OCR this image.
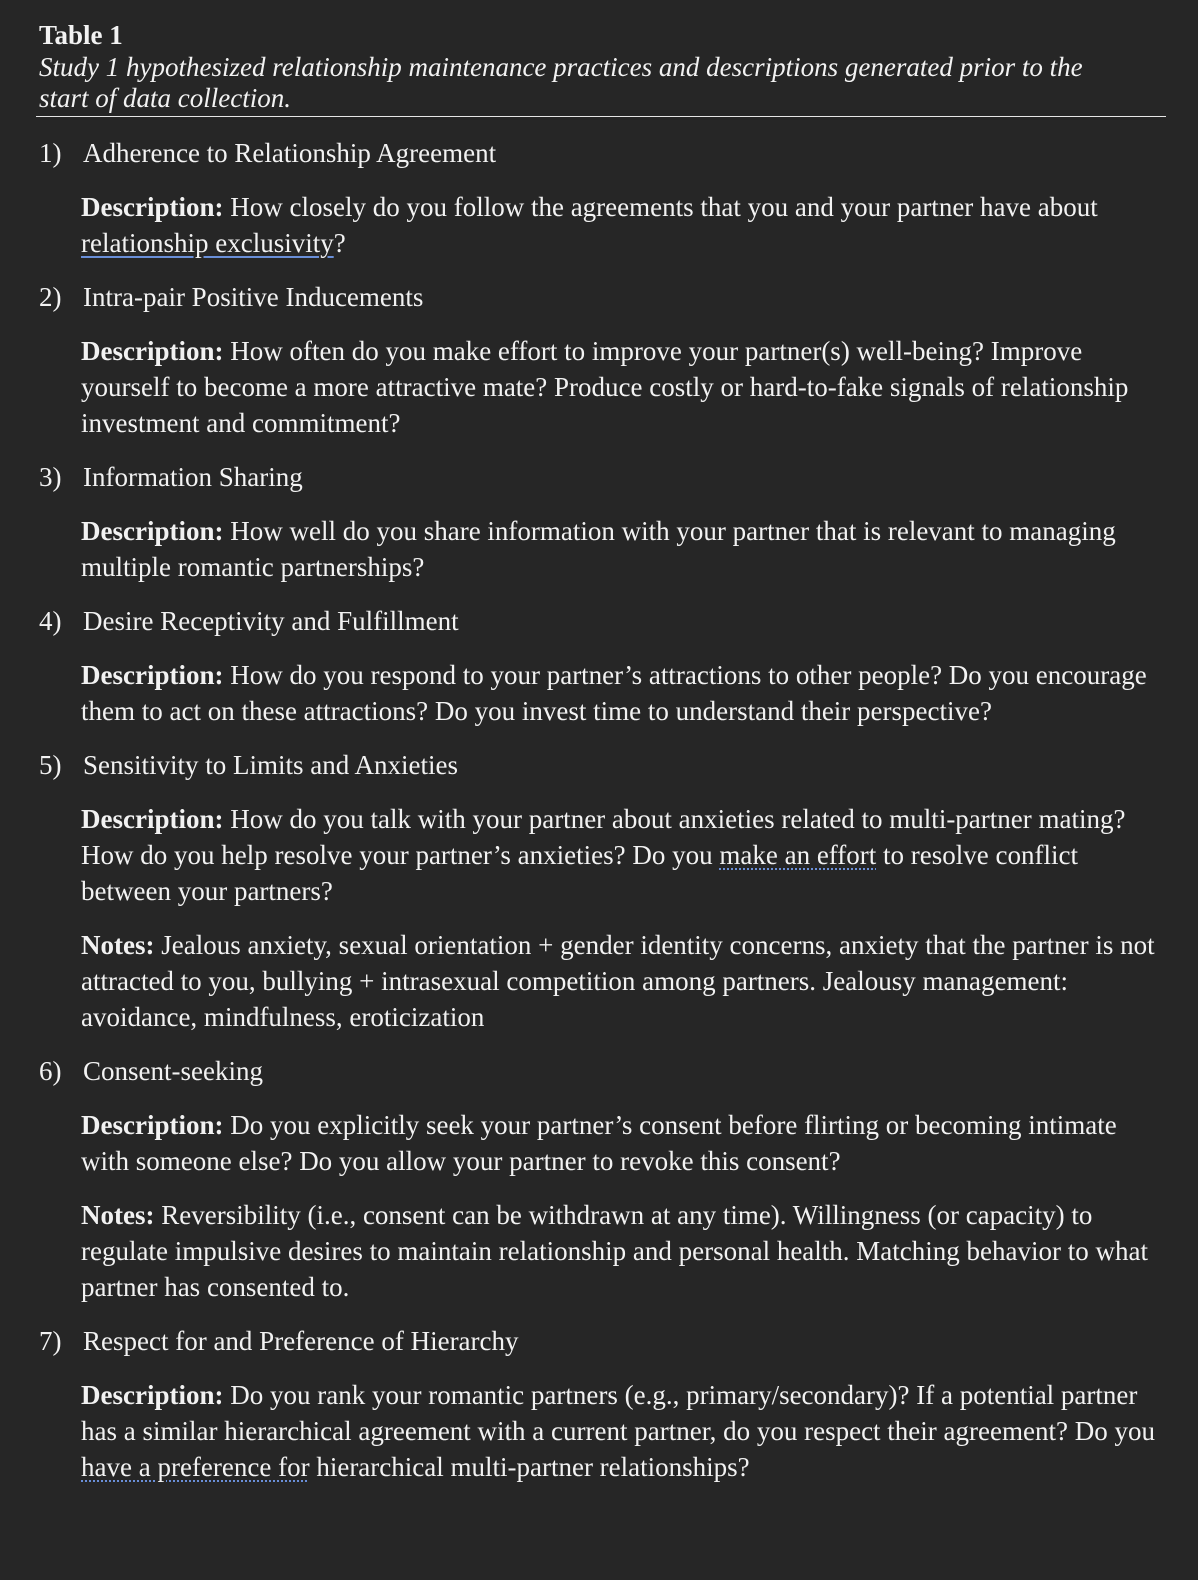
Table 1
Study 1 hypothesized relationship maintenance practices and descriptions generated prior to the
start of data collection.
1) Adherence to Relationship Agreement
Description: How closely do you follow the agreements that you and your partner have about relationship exclusivity?
2) Intra-pair Positive Inducements
Description: How often do you make effort to improve your partner(s) well-being? Improve yourself to become a more attractive mate? Produce costly or hard-to-fake signals of relationship investment and commitment?
3) Information Sharing
Description: How well do you share information with your partner that is relevant to managing multiple romantic partnerships?
4) Desire Receptivity and Fulfillment
Description: How do you respond to your partner’s attractions to other people? Do you encourage them to act on these attractions? Do you invest time to understand their perspective?
5) Sensitivity to Limits and Anxieties
Description: How do you talk with your partner about anxieties related to multi-partner mating? How do you help resolve your partner’s anxieties? Do you make an effort to resolve conflict between your partners?
Notes: Jealous anxiety, sexual orientation + gender identity concerns, anxiety that the partner is not attracted to you, bullying + intrasexual competition among partners. Jealousy management: avoidance, mindfulness, eroticization
6) Consent-seeking
Description: Do you explicitly seek your partner’s consent before flirting or becoming intimate with someone else? Do you allow your partner to revoke this consent?
Notes: Reversibility (i.e., consent can be withdrawn at any time). Willingness (or capacity) to regulate impulsive desires to maintain relationship and personal health. Matching behavior to what partner has consented to.
7) Respect for and Preference of Hierarchy
Description: Do you rank your romantic partners (e.g., primary/secondary)? If a potential partner has a similar hierarchical agreement with a current partner, do you respect their agreement? Do you have a preference for hierarchical multi-partner relationships?
